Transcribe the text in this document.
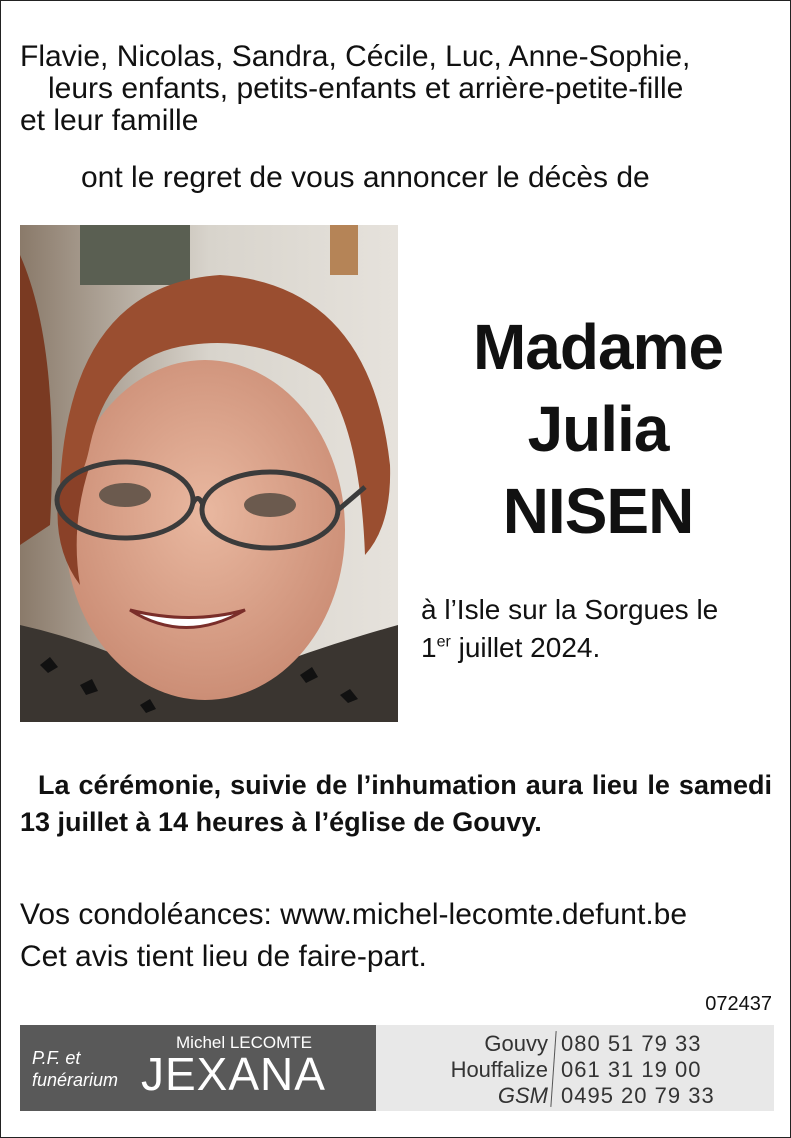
Flavie, Nicolas, Sandra, Cécile, Luc, Anne-Sophie,
leurs enfants, petits-enfants et arrière-petite-fille
et leur famille
ont le regret de vous annoncer le décès de
Madame
Julia
NISEN
à l’Isle sur la Sorgues le
1er juillet 2024.
La cérémonie, suivie de l’inhumation aura lieu le samedi 13 juillet à 14 heures à l’église de Gouvy.
Vos condoléances: www.michel-lecomte.defunt.be
Cet avis tient lieu de faire-part.
072437
P.F. et
funérarium
Michel LECOMTE
JEXANA
Gouvy
Houffalize
GSM
080 51 79 33
061 31 19 00
0495 20 79 33
